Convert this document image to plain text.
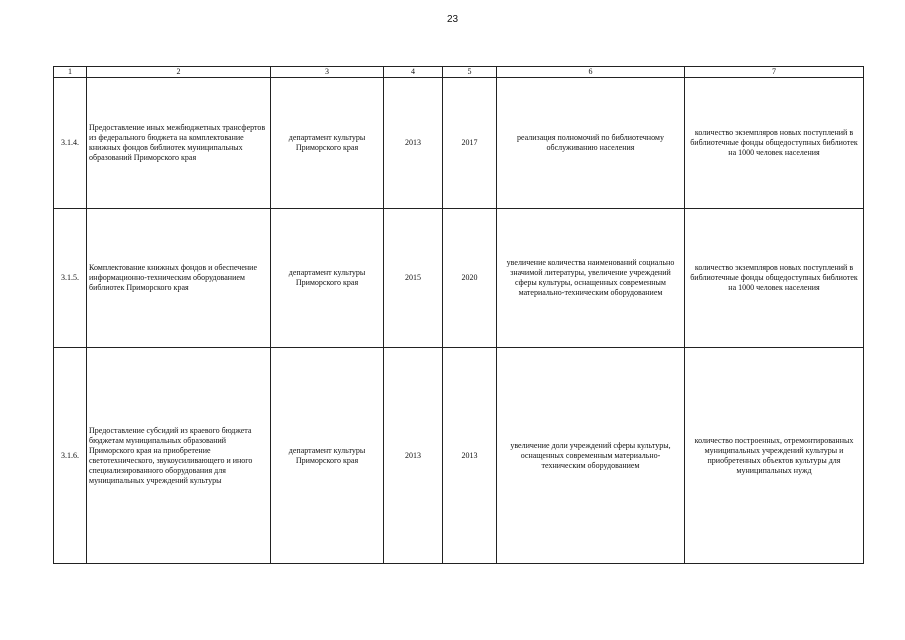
23
1	2	3	4	5	6	7
3.1.4.	Предоставление иных межбюджетных трансфертов из федерального бюджета на комплектование книжных фондов библиотек муниципальных образований Приморского края	департамент культуры Приморского края	2013	2017	реализация полномочий по библиотечному обслуживанию населения	количество экземпляров новых поступлений в библиотечные фонды общедоступных библиотек на 1000 человек населения
3.1.5.	Комплектование книжных фондов и обеспечение информационно-техническим оборудованием библиотек Приморского края	департамент культуры Приморского края	2015	2020	увеличение количества наименований социально значимой литературы, увеличение учреждений сферы культуры, оснащенных современным материально-техническим оборудованием	количество экземпляров новых поступлений в библиотечные фонды общедоступных библиотек на 1000 человек населения
3.1.6.	Предоставление субсидий из краевого бюджета бюджетам муниципальных образований Приморского края на приобретение светотехнического, звукоусиливающего и иного специализированного оборудования для муниципальных учреждений культуры	департамент культуры Приморского края	2013	2013	увеличение доли учреждений сферы культуры, оснащенных современным материально-техническим оборудованием	количество построенных, отремонтированных муниципальных учреждений культуры и приобретенных объектов культуры для муниципальных нужд
